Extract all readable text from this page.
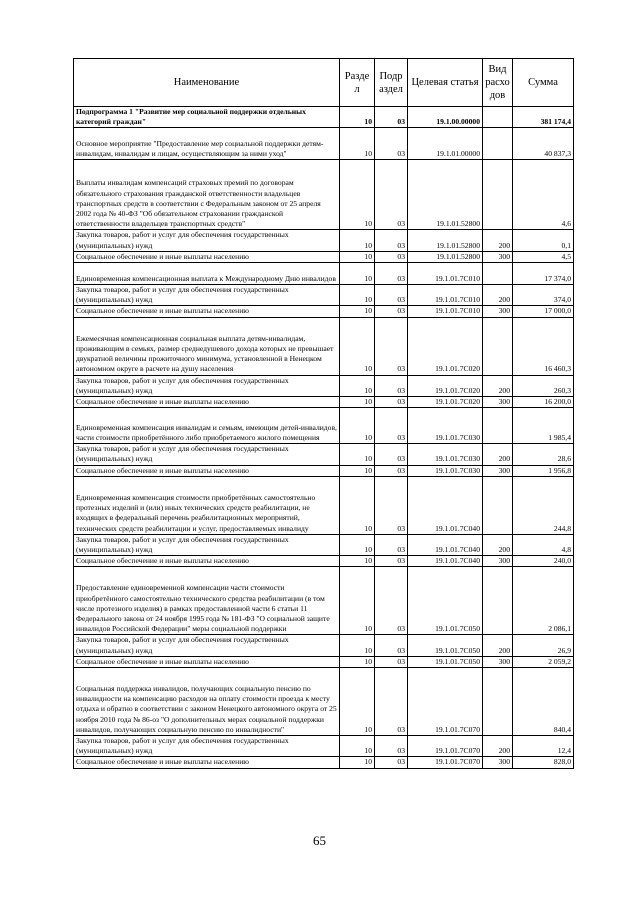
Наименование	Разде л	Подр аздел	Целевая статья	Вид расхо дов	Сумма
Подпрограмма 1 "Развитие мер социальной поддержки отдельных категорий граждан"	10	03	19.1.00.00000		381 174,4
Основное мероприятие "Предоставление мер социальной поддержки детям-инвалидам, инвалидам и лицам, осуществляющим за ними уход"	10	03	19.1.01.00000		40 837,3
Выплаты инвалидам компенсаций страховых премий по договорам обязательного страхования гражданской ответственности владельцев транспортных средств в соответствии с Федеральным законом от 25 апреля 2002 года № 40-ФЗ "Об обязательном страховании гражданской ответственности владельцев транспортных средств"	10	03	19.1.01.52800		4,6
Закупка товаров, работ и услуг для обеспечения государственных (муниципальных) нужд	10	03	19.1.01.52800	200	0,1
Социальное обеспечение и иные выплаты населению	10	03	19.1.01.52800	300	4,5
Единовременная компенсационная выплата к Международному Дню инвалидов	10	03	19.1.01.7С010		17 374,0
Закупка товаров, работ и услуг для обеспечения государственных (муниципальных) нужд	10	03	19.1.01.7С010	200	374,0
Социальное обеспечение и иные выплаты населению	10	03	19.1.01.7С010	300	17 000,0
Ежемесячная компенсационная социальная выплата детям-инвалидам, проживающим в семьях, размер среднедушевого дохода которых не превышает двукратной величины прожиточного минимума, установленной в Ненецком автономном округе в расчете на душу населения	10	03	19.1.01.7С020		16 460,3
Закупка товаров, работ и услуг для обеспечения государственных (муниципальных) нужд	10	03	19.1.01.7С020	200	260,3
Социальное обеспечение и иные выплаты населению	10	03	19.1.01.7С020	300	16 200,0
Единовременная компенсация инвалидам и семьям, имеющим детей-инвалидов, части стоимости приобретённого либо приобретаемого жилого помещения	10	03	19.1.01.7С030		1 985,4
Закупка товаров, работ и услуг для обеспечения государственных (муниципальных) нужд	10	03	19.1.01.7С030	200	28,6
Социальное обеспечение и иные выплаты населению	10	03	19.1.01.7С030	300	1 956,8
Единовременная компенсация стоимости приобретённых самостоятельно протезных изделий и (или) иных технических средств реабилитации, не входящих в федеральный перечень реабилитационных мероприятий, технических средств реабилитации и услуг, предоставляемых инвалиду	10	03	19.1.01.7С040		244,8
Закупка товаров, работ и услуг для обеспечения государственных (муниципальных) нужд	10	03	19.1.01.7С040	200	4,8
Социальное обеспечение и иные выплаты населению	10	03	19.1.01.7С040	300	240,0
Предоставление единовременной компенсации части стоимости приобретённого самостоятельно технического средства реабилитации (в том числе протезного изделия) в рамках предоставленной части 6 статьи 11 Федерального закона от 24 ноября 1995 года № 181-ФЗ "О социальной защите инвалидов Российской Федерации" меры социальной поддержки	10	03	19.1.01.7С050		2 086,1
Закупка товаров, работ и услуг для обеспечения государственных (муниципальных) нужд	10	03	19.1.01.7С050	200	26,9
Социальное обеспечение и иные выплаты населению	10	03	19.1.01.7С050	300	2 059,2
Социальная поддержка инвалидов, получающих социальную пенсию по инвалидности на компенсацию расходов на оплату стоимости проезда к месту отдыха и обратно в соответствии с законом Ненецкого автономного округа от 25 ноября 2010 года № 86-оз "О дополнительных мерах социальной поддержки инвалидов, получающих социальную пенсию по инвалидности"	10	03	19.1.01.7С070		840,4
Закупка товаров, работ и услуг для обеспечения государственных (муниципальных) нужд	10	03	19.1.01.7С070	200	12,4
Социальное обеспечение и иные выплаты населению	10	03	19.1.01.7С070	300	828,0
65
